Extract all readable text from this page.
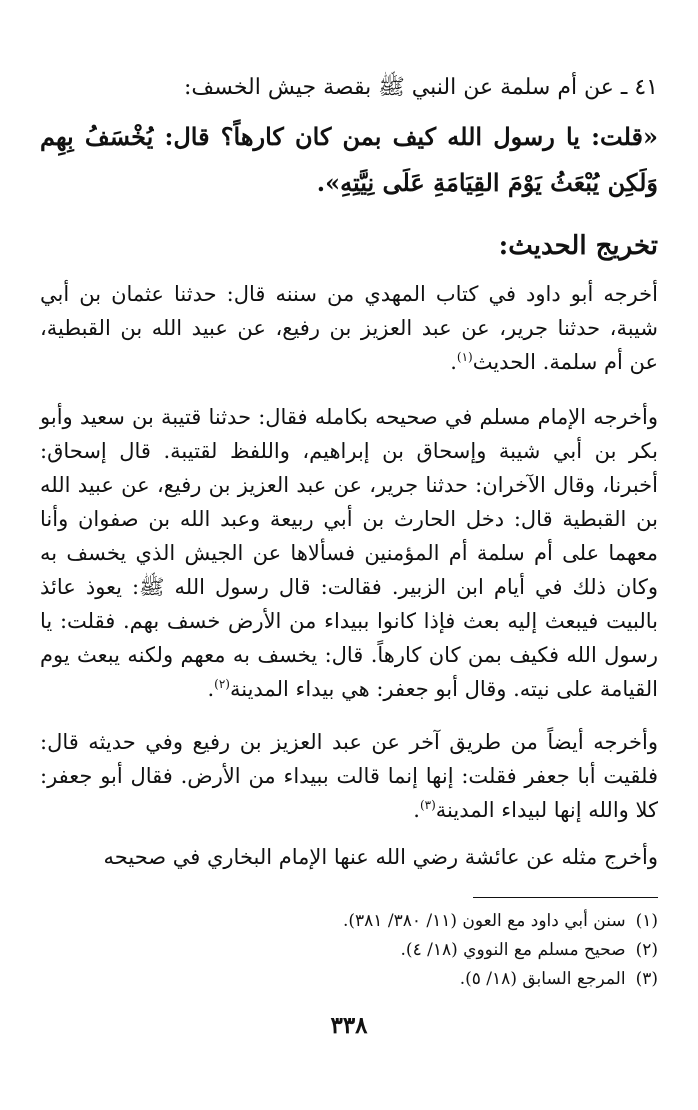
٤١ ـ عن أم سلمة عن النبي ﷺ بقصة جيش الخسف:
«قلت: يا رسول الله كيف بمن كان كارهاً؟ قال: يُخْسَفُ بِهِم وَلَكِن يُبْعَثُ يَوْمَ القِيَامَةِ عَلَى نِيَّتِهِ».
تخريج الحديث:
أخرجه أبو داود في كتاب المهدي من سننه قال: حدثنا عثمان بن أبي شيبة، حدثنا جرير، عن عبد العزيز بن رفيع، عن عبيد الله بن القبطية، عن أم سلمة. الحديث$^{(١)}$.
وأخرجه الإمام مسلم في صحيحه بكامله فقال: حدثنا قتيبة بن سعيد وأبو بكر بن أبي شيبة وإسحاق بن إبراهيم، واللفظ لقتيبة. قال إسحاق: أخبرنا، وقال الآخران: حدثنا جرير، عن عبد العزيز بن رفيع، عن عبيد الله بن القبطية قال: دخل الحارث بن أبي ربيعة وعبد الله بن صفوان وأنا معهما على أم سلمة أم المؤمنين فسألاها عن الجيش الذي يخسف به وكان ذلك في أيام ابن الزبير. فقالت: قال رسول الله ﷺ: يعوذ عائذ بالبيت فيبعث إليه بعث فإذا كانوا ببيداء من الأرض خسف بهم. فقلت: يا رسول الله فكيف بمن كان كارهاً. قال: يخسف به معهم ولكنه يبعث يوم القيامة على نيته. وقال أبو جعفر: هي بيداء المدينة$^{(٢)}$.
وأخرجه أيضاً من طريق آخر عن عبد العزيز بن رفيع وفي حديثه قال: فلقيت أبا جعفر فقلت: إنها إنما قالت ببيداء من الأرض. فقال أبو جعفر: كلا والله إنها لبيداء المدينة$^{(٣)}$.
وأخرج مثله عن عائشة رضي الله عنها الإمام البخاري في صحيحه
(١)سنن أبي داود مع العون (١١/ ٣٨٠/ ٣٨١).
(٢)صحيح مسلم مع النووي (١٨/ ٤).
(٣)المرجع السابق (١٨/ ٥).
٣٣٨
